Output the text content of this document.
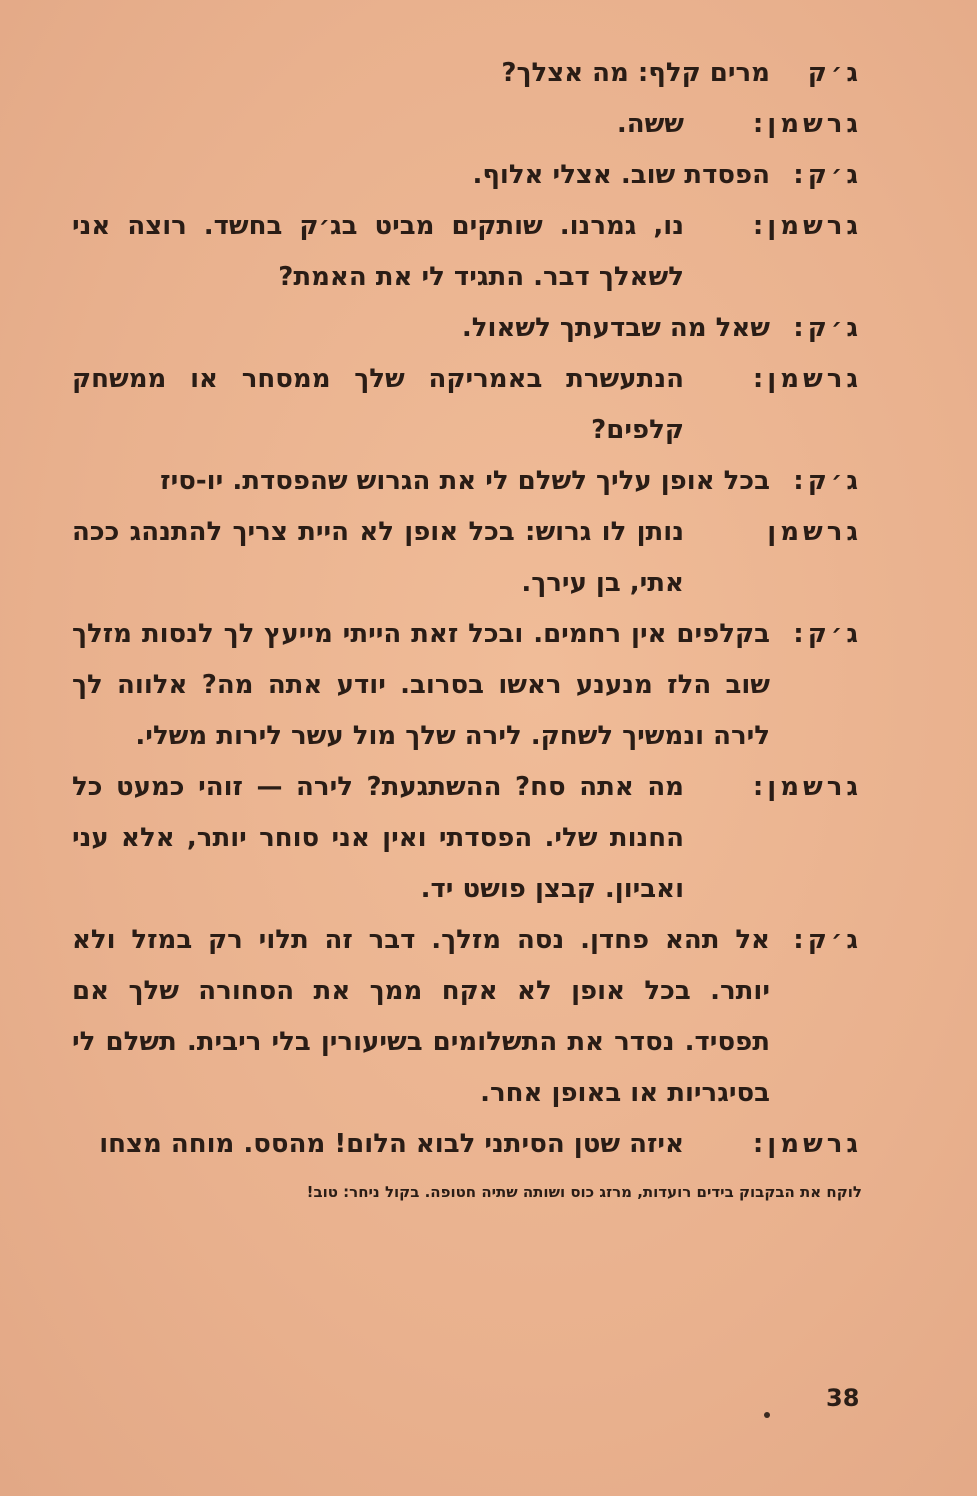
ג׳ק
מרים קלף: מה אצלך?
גרשמן:
ששה.
ג׳ק:
הפסדת שוב. אצלי אלוף.
גרשמן:
נו, גמרנו. שותקים מביט בג׳ק בחשד. רוצה אני לשאלך דבר. התגיד לי את האמת?
ג׳ק:
שאל מה שבדעתך לשאול.
גרשמן:
הנתעשרת באמריקה שלך ממסחר או ממשחק קלפים?
ג׳ק:
בכל אופן עליך לשלם לי את הגרוש שהפסדת. יו-סיז
גרשמן
נותן לו גרוש: בכל אופן לא היית צריך להתנהג ככה אתי, בן עירך.
ג׳ק:
בקלפים אין רחמים. ובכל זאת הייתי מייעץ לך לנסות מזלך שוב הלז מנענע ראשו בסרוב. יודע אתה מה? אלווה לך לירה ונמשיך לשחק. לירה שלך מול עשר לירות משלי.
גרשמן:
מה אתה סח? ההשתגעת? לירה — זוהי כמעט כל החנות שלי. הפסדתי ואין אני סוחר יותר, אלא עני ואביון. קבצן פושט יד.
ג׳ק:
אל תהא פחדן. נסה מזלך. דבר זה תלוי רק במזל ולא יותר. בכל אופן לא אקח ממך את הסחורה שלך אם תפסיד. נסדר את התשלומים בשיעורין בלי ריבית. תשלם לי בסיגריות או באופן אחר.
גרשמן:
איזה שטן הסיתני לבוא הלום! מהסס. מוחה מצחו
לוקח את הבקבוק בידים רועדות, מרזג כוס ושותה שתיה חטופה. בקול ניחר: טוב!
38
